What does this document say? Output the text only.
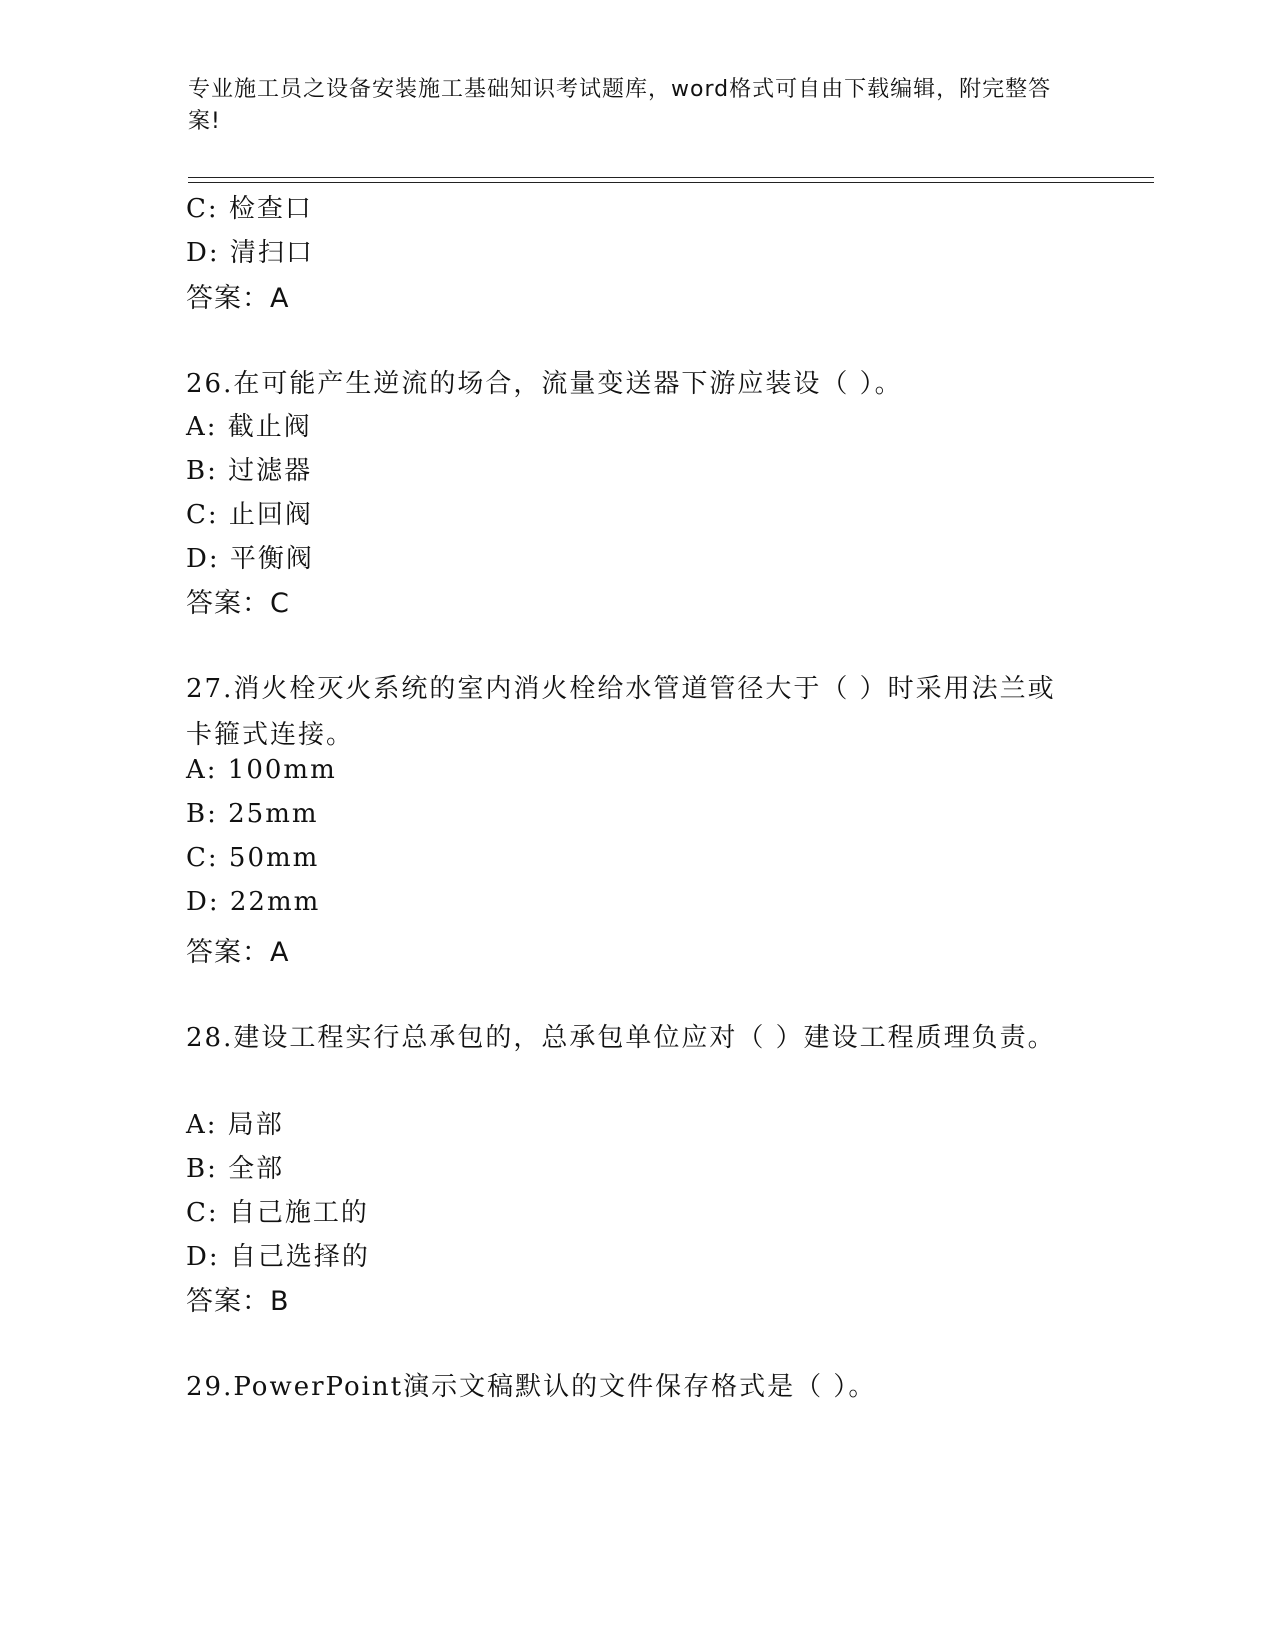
专业施工员之设备安装施工基础知识考试题库，word格式可自由下载编辑，附完整答案!
C: 检查口
D: 清扫口
答案：A
26.在可能产生逆流的场合，流量变送器下游应装设（ ）。
A: 截止阀
B: 过滤器
C: 止回阀
D: 平衡阀
答案：C
27.消火栓灭火系统的室内消火栓给水管道管径大于（ ）时采用法兰或卡箍式连接。
A: 100mm
B: 25mm
C: 50mm
D: 22mm
答案：A
28.建设工程实行总承包的，总承包单位应对（ ）建设工程质理负责。
A: 局部
B: 全部
C: 自己施工的
D: 自己选择的
答案：B
29.PowerPoint演示文稿默认的文件保存格式是（ ）。
